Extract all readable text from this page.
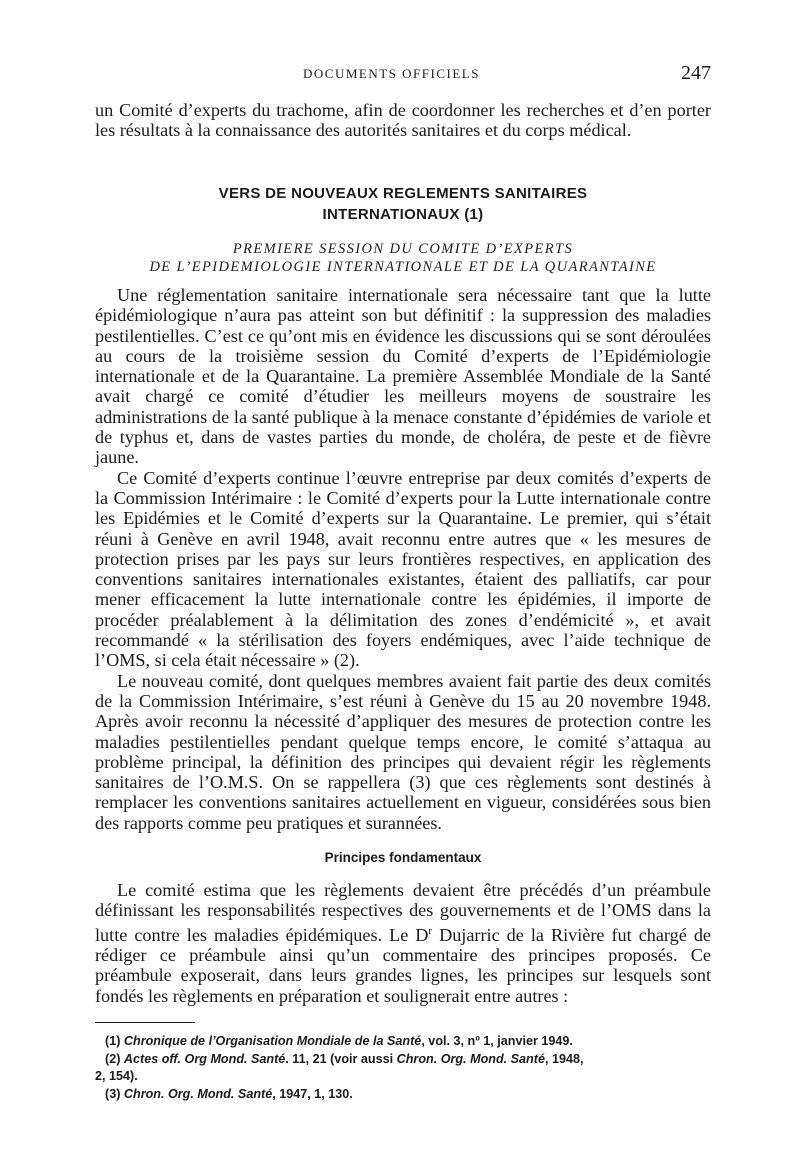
DOCUMENTS OFFICIELS	247

un Comité d’experts du trachome, afin de coordonner les recherches et d’en porter les résultats à la connaissance des autorités sanitaires et du corps médical.

VERS DE NOUVEAUX REGLEMENTS SANITAIRES
INTERNATIONAUX (1)

PREMIERE SESSION DU COMITE D’EXPERTS
DE L’EPIDEMIOLOGIE INTERNATIONALE ET DE LA QUARANTAINE

Une réglementation sanitaire internationale sera nécessaire tant que la lutte épidémiologique n’aura pas atteint son but définitif : la suppression des maladies pestilentielles. C’est ce qu’ont mis en évidence les discussions qui se sont déroulées au cours de la troisième session du Comité d’experts de l’Epidémiologie internationale et de la Quarantaine. La première Assemblée Mondiale de la Santé avait chargé ce comité d’étudier les meilleurs moyens de soustraire les administrations de la santé publique à la menace constante d’épidémies de variole et de typhus et, dans de vastes parties du monde, de choléra, de peste et de fièvre jaune.

Ce Comité d’experts continue l’œuvre entreprise par deux comités d’experts de la Commission Intérimaire : le Comité d’experts pour la Lutte internationale contre les Epidémies et le Comité d’experts sur la Quarantaine. Le premier, qui s’était réuni à Genève en avril 1948, avait reconnu entre autres que « les mesures de protection prises par les pays sur leurs frontières respectives, en application des conventions sanitaires internationales existantes, étaient des palliatifs, car pour mener efficacement la lutte internationale contre les épidémies, il importe de procéder préalablement à la délimitation des zones d’endémicité », et avait recommandé « la stérilisation des foyers endémiques, avec l’aide technique de l’OMS, si cela était nécessaire » (2).

Le nouveau comité, dont quelques membres avaient fait partie des deux comités de la Commission Intérimaire, s’est réuni à Genève du 15 au 20 novembre 1948. Après avoir reconnu la nécessité d’appliquer des mesures de protection contre les maladies pestilentielles pendant quelque temps encore, le comité s’attaqua au problème principal, la définition des principes qui devaient régir les règlements sanitaires de l’O.M.S. On se rappellera (3) que ces règlements sont destinés à remplacer les conventions sanitaires actuellement en vigueur, considérées sous bien des rapports comme peu pratiques et surannées.

Principes fondamentaux

Le comité estima que les règlements devaient être précédés d’un préambule définissant les responsabilités respectives des gouvernements et de l’OMS dans la lutte contre les maladies épidémiques. Le $D^r$ Dujarric de la Rivière fut chargé de rédiger ce préambule ainsi qu’un commentaire des principes proposés. Ce préambule exposerait, dans leurs grandes lignes, les principes sur lesquels sont fondés les règlements en préparation et soulignerait entre autres :

(1) Chronique de l’Organisation Mondiale de la Santé, vol. 3, nº 1, janvier 1949.

(2) Actes off. Org Mond. Santé. 11, 21 (voir aussi Chron. Org. Mond. Santé, 1948,

2, 154).

(3) Chron. Org. Mond. Santé, 1947, 1, 130.
